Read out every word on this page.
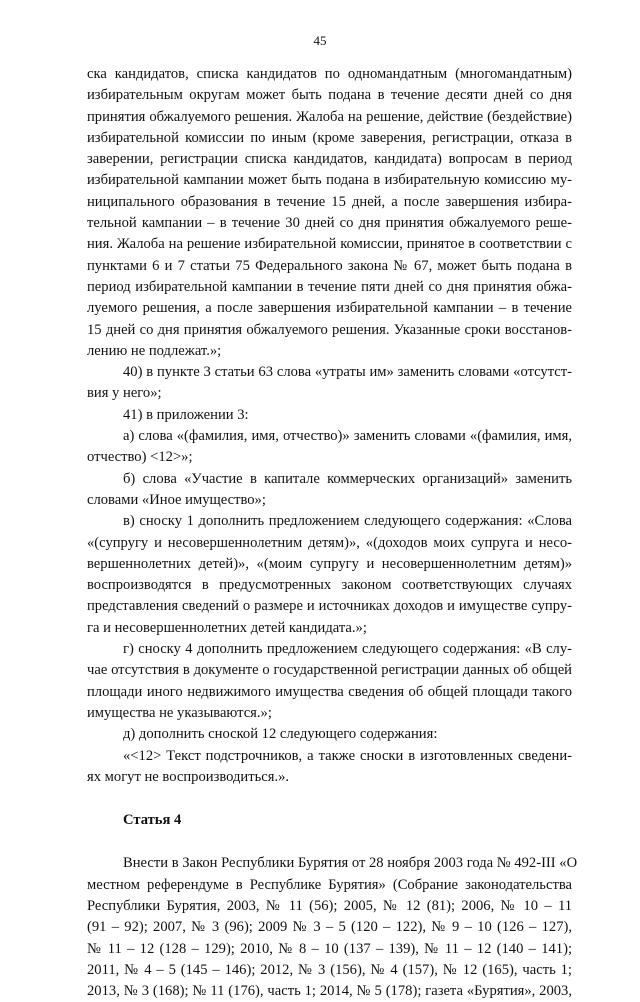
45
ска кандидатов, списка кандидатов по одномандатным (многомандатным)
избирательным округам может быть подана в течение десяти дней со дня
принятия обжалуемого решения. Жалоба на решение, действие (бездействие)
избирательной комиссии по иным (кроме заверения, регистрации, отказа в
заверении, регистрации списка кандидатов, кандидата) вопросам в период
избирательной кампании может быть подана в избирательную комиссию му-
ниципального образования в течение 15 дней, а после завершения избира-
тельной кампании – в течение 30 дней со дня принятия обжалуемого реше-
ния. Жалоба на решение избирательной комиссии, принятое в соответствии с
пунктами 6 и 7 статьи 75 Федерального закона № 67, может быть подана в
период избирательной кампании в течение пяти дней со дня принятия обжа-
луемого решения, а после завершения избирательной кампании – в течение
15 дней со дня принятия обжалуемого решения. Указанные сроки восстанов-
лению не подлежат.»;
40) в пункте 3 статьи 63 слова «утраты им» заменить словами «отсутст-
вия у него»;
41) в приложении 3:
а) слова «(фамилия, имя, отчество)» заменить словами «(фамилия, имя,
отчество) <12>»;
б) слова «Участие в капитале коммерческих организаций» заменить
словами «Иное имущество»;
в) сноску 1 дополнить предложением следующего содержания: «Слова
«(супругу и несовершеннолетним детям)», «(доходов моих супруга и несо-
вершеннолетних детей)», «(моим супругу и несовершеннолетним детям)»
воспроизводятся в предусмотренных законом соответствующих случаях
представления сведений о размере и источниках доходов и имуществе супру-
га и несовершеннолетних детей кандидата.»;
г) сноску 4 дополнить предложением следующего содержания: «В слу-
чае отсутствия в документе о государственной регистрации данных об общей
площади иного недвижимого имущества сведения об общей площади такого
имущества не указываются.»;
д) дополнить сноской 12 следующего содержания:
«<12> Текст подстрочников, а также сноски в изготовленных сведени-
ях могут не воспроизводиться.».
Статья 4
Внести в Закон Республики Бурятия от 28 ноября 2003 года № 492-III «О
местном референдуме в Республике Бурятия» (Собрание законодательства
Республики Бурятия, 2003, № 11 (56); 2005, № 12 (81); 2006, № 10 – 11
(91 – 92); 2007, № 3 (96); 2009 № 3 – 5 (120 – 122), № 9 – 10 (126 – 127),
№ 11 – 12 (128 – 129); 2010, № 8 – 10 (137 – 139), № 11 – 12 (140 – 141);
2011, № 4 – 5 (145 – 146); 2012, № 3 (156), № 4 (157), № 12 (165), часть 1;
2013, № 3 (168); № 11 (176), часть 1; 2014, № 5 (178); газета «Бурятия», 2003,
